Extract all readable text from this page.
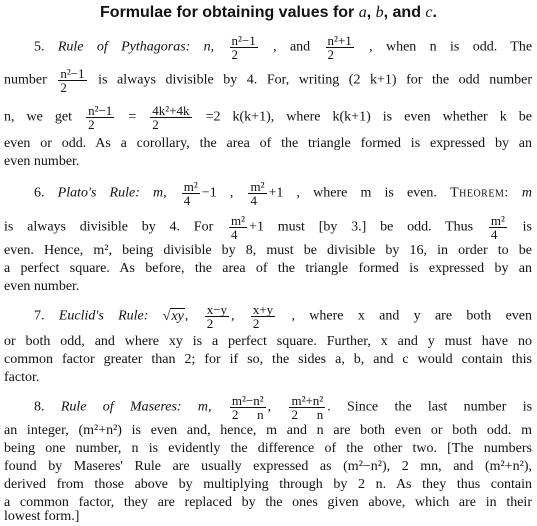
Formulae for obtaining values for a, b, and c.
5. Rule of Pythagoras: n, $\frac{\text{n²−1}}{2}$ , and $\frac{\text{n²+1}}{2}$ , when n is odd. The
number $\frac{\text{n²−1}}{2}$ is always divisible by 4. For, writing (2 k+1) for the odd number
n, we get $\frac{\text{n²−1}}{2} = \frac{\text{4k²+4k}}{2} =2$ k(k+1), where k(k+1) is even whether k be
even or odd. As a corollary, the area of the triangle formed is expressed by an
even number.
6. Plato's Rule: m, $\frac{\text{m²}}{4} -1$ , $\frac{\text{m²}}{4} +1$ , where m is even. Theorem: m
is always divisible by 4. For $\frac{\text{m²}}{4} +1$ must [by 3.] be odd. Thus $\frac{\text{m²}}{4}$ is
even. Hence, m², being divisible by 8, must be divisible by 16, in order to be
a perfect square. As before, the area of the triangle formed is expressed by an
even number.
7. Euclid's Rule: √xy, $\frac{x-y}{2}$ , $\frac{x+y}{2}$ , where x and y are both even
or both odd, and where xy is a perfect square. Further, x and y must have no
common factor greater than 2; for if so, the sides a, b, and c would contain this
factor.
8. Rule of Maseres: m, $\frac{\text{m²−n²}}{2 n}$ , $\frac{\text{m²+n²}}{2 n}$ . Since the last number is
an integer, (m²+n²) is even and, hence, m and n are both even or both odd. m
being one number, n is evidently the difference of the other two. [The numbers
found by Maseres' Rule are usually expressed as (m²−n²), 2 mn, and (m²+n²),
derived from those above by multiplying through by 2 n. As they thus contain
a common factor, they are replaced by the ones given above, which are in their
lowest form.]
